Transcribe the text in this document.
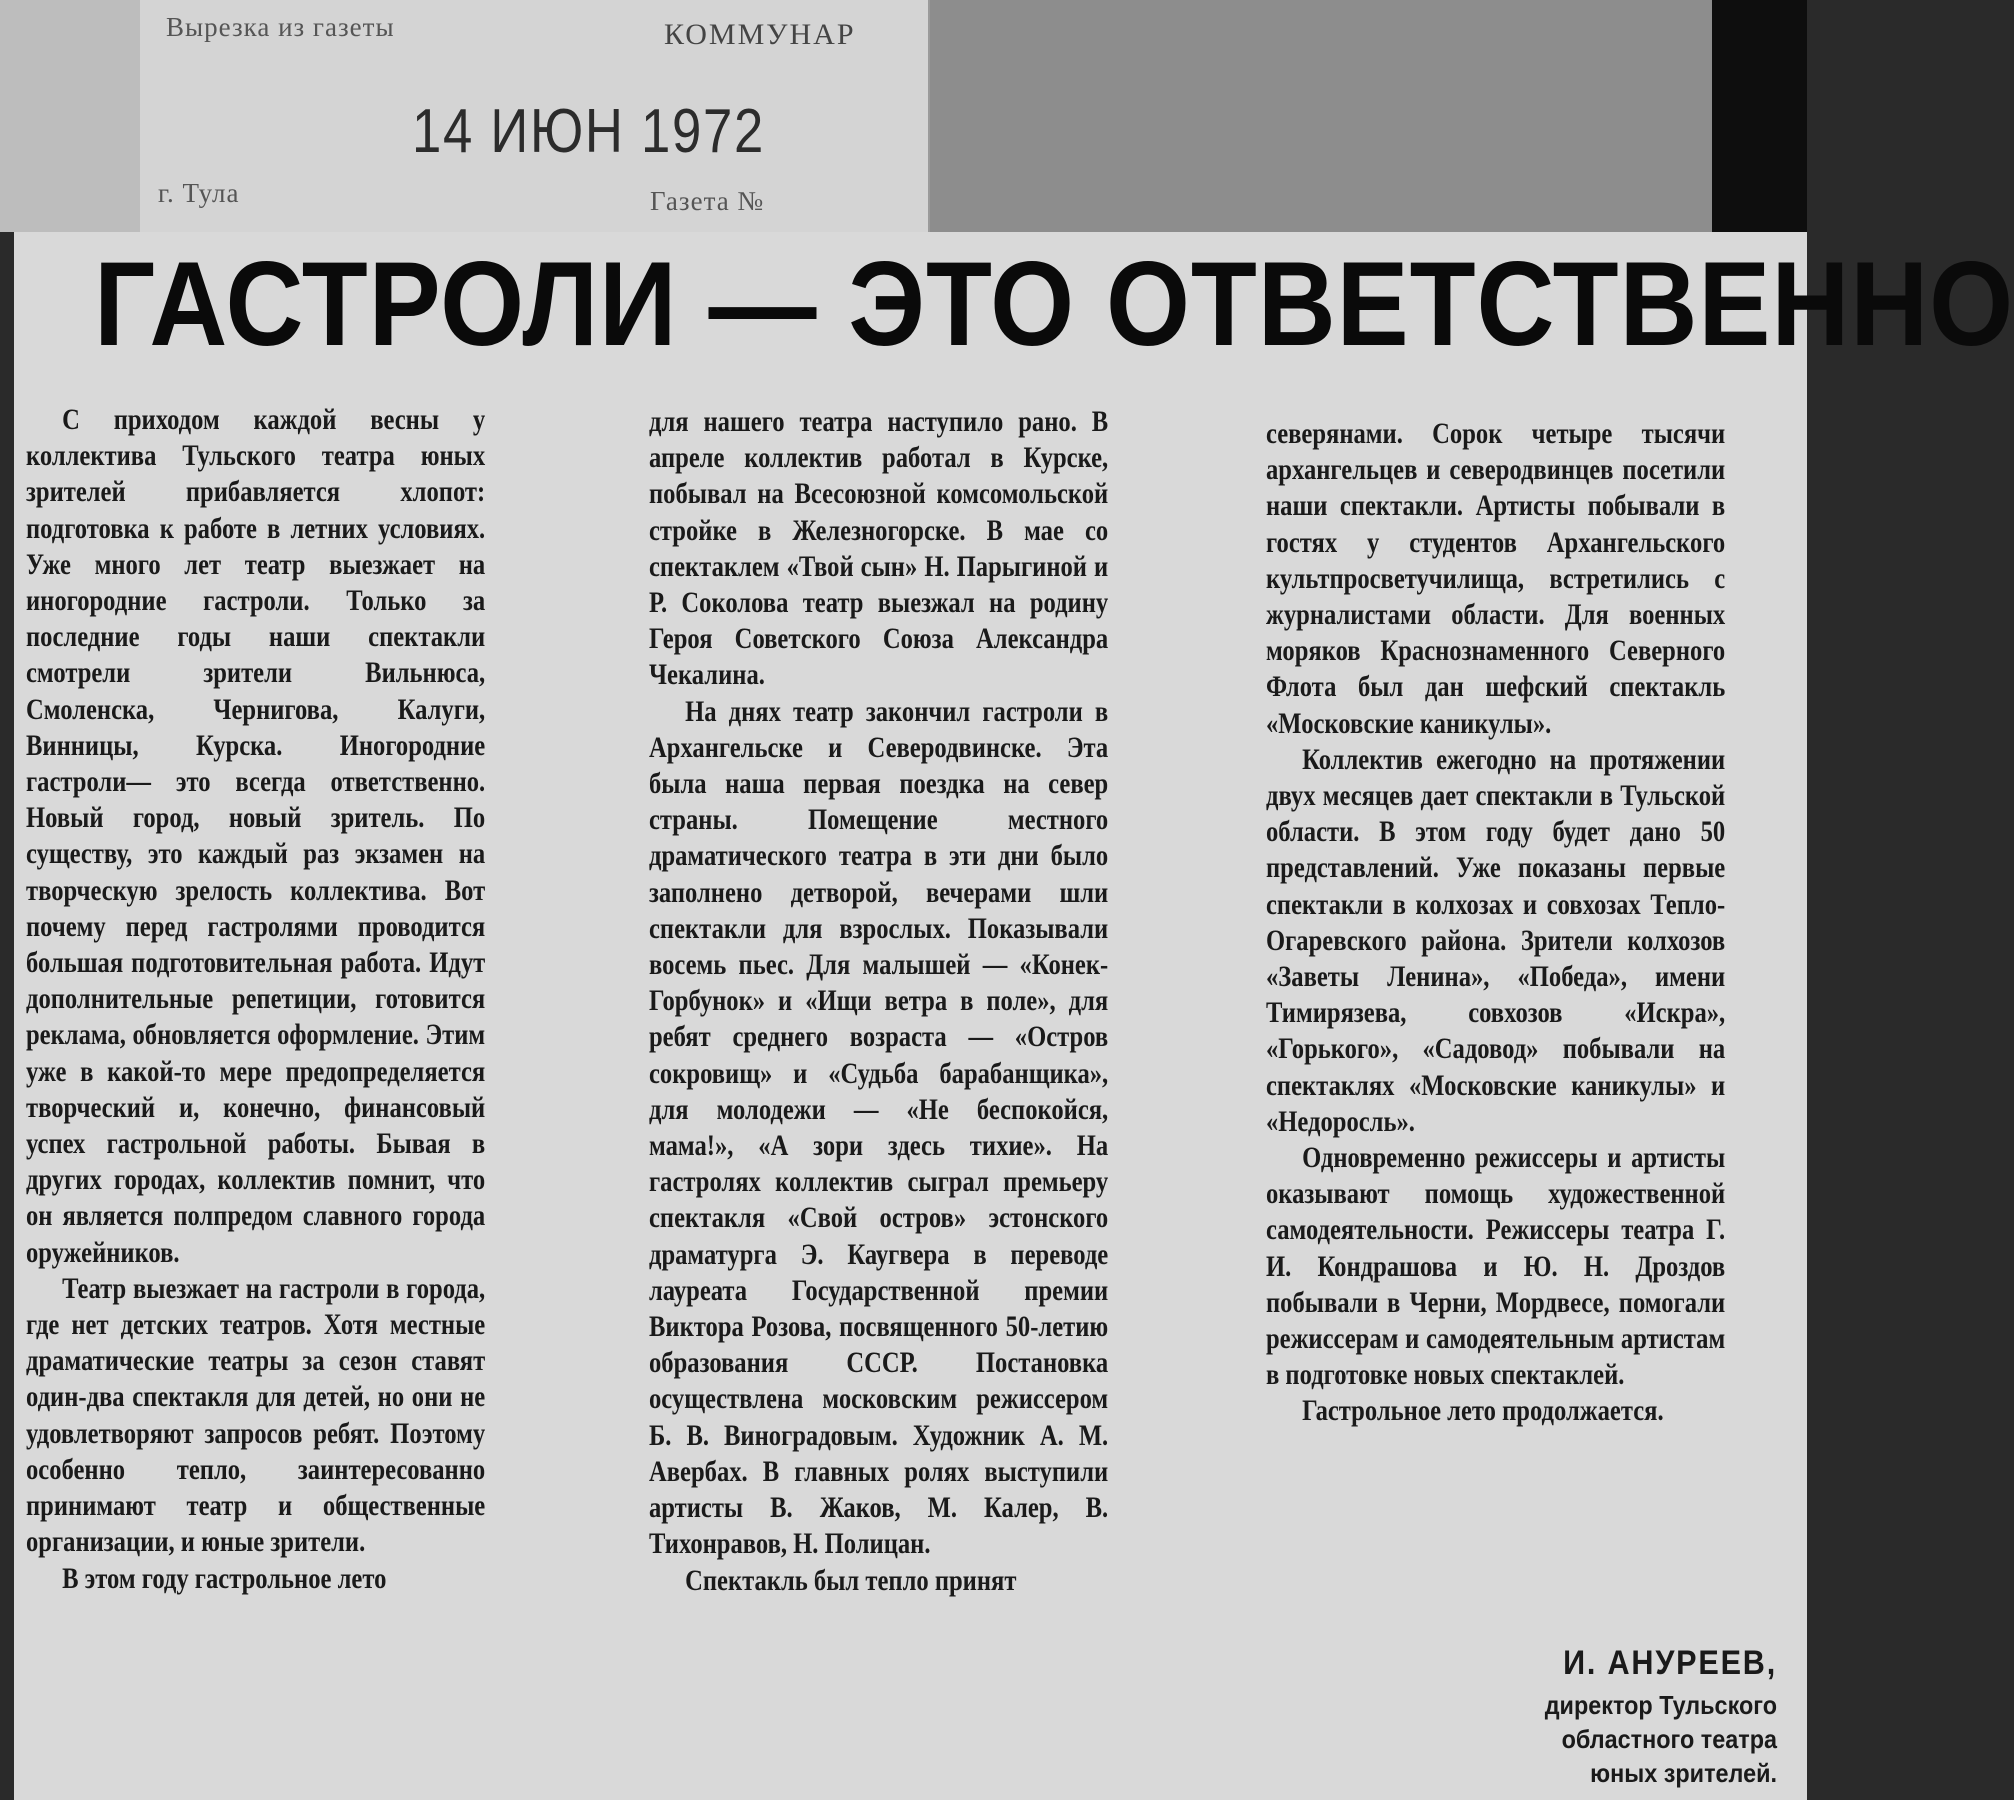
Вырезка из газеты	КОММУНАР
14 ИЮН 1972
г. Тула	Газета №
ГАСТРОЛИ — ЭТО ОТВЕТСТВЕННО

С приходом каждой весны у коллектива Тульского театра юных зрителей прибавляется хлопот: подготовка к работе в летних условиях. Уже много лет театр выезжает на иногородние гастроли. Только за последние годы наши спектакли смотрели зрители Вильнюса, Смоленска, Чернигова, Калуги, Винницы, Курска. Иногородние гастроли— это всегда ответственно. Новый город, новый зритель. По существу, это каждый раз экзамен на творческую зрелость коллектива. Вот почему перед гастролями проводится большая подготовительная работа. Идут дополнительные репетиции, готовится реклама, обновляется оформление. Этим уже в какой-то мере предопределяется творческий и, конечно, финансовый успех гастрольной работы. Бывая в других городах, коллектив помнит, что он является полпредом славного города оружейников.

Театр выезжает на гастроли в города, где нет детских театров. Хотя местные драматические театры за сезон ставят один-два спектакля для детей, но они не удовлетворяют запросов ребят. Поэтому особенно тепло, заинтересованно принимают театр и общественные организации, и юные зрители.

В этом году гастрольное лето

для нашего театра наступило рано. В апреле коллектив работал в Курске, побывал на Всесоюзной комсомольской стройке в Железногорске. В мае со спектаклем «Твой сын» Н. Парыгиной и Р. Соколова театр выезжал на родину Героя Советского Союза Александра Чекалина.

На днях театр закончил гастроли в Архангельске и Северодвинске. Эта была наша первая поездка на север страны. Помещение местного драматического театра в эти дни было заполнено детворой, вечерами шли спектакли для взрослых. Показывали восемь пьес. Для малышей — «Конек-Горбунок» и «Ищи ветра в поле», для ребят среднего возраста — «Остров сокровищ» и «Судьба барабанщика», для молодежи — «Не беспокойся, мама!», «А зори здесь тихие». На гастролях коллектив сыграл премьеру спектакля «Свой остров» эстонского драматурга Э. Каугвера в переводе лауреата Государственной премии Виктора Розова, посвященного 50-летию образования СССР. Постановка осуществлена московским режиссером Б. В. Виноградовым. Художник А. М. Авербах. В главных ролях выступили артисты В. Жаков, М. Калер, В. Тихонравов, Н. Полицан.

Спектакль был тепло принят

северянами. Сорок четыре тысячи архангельцев и северодвинцев посетили наши спектакли. Артисты побывали в гостях у студентов Архангельского культпросветучилища, встретились с журналистами области. Для военных моряков Краснознаменного Северного Флота был дан шефский спектакль «Московские каникулы».

Коллектив ежегодно на протяжении двух месяцев дает спектакли в Тульской области. В этом году будет дано 50 представлений. Уже показаны первые спектакли в колхозах и совхозах Тепло-Огаревского района. Зрители колхозов «Заветы Ленина», «Победа», имени Тимирязева, совхозов «Искра», «Горького», «Садовод» побывали на спектаклях «Московские каникулы» и «Недоросль».

Одновременно режиссеры и артисты оказывают помощь художественной самодеятельности. Режиссеры театра Г. И. Кондрашова и Ю. Н. Дроздов побывали в Черни, Мордвесе, помогали режиссерам и самодеятельным артистам в подготовке новых спектаклей.

Гастрольное лето продолжается.

И. АНУРЕЕВ,
директор Тульского
областного театра
юных зрителей.
